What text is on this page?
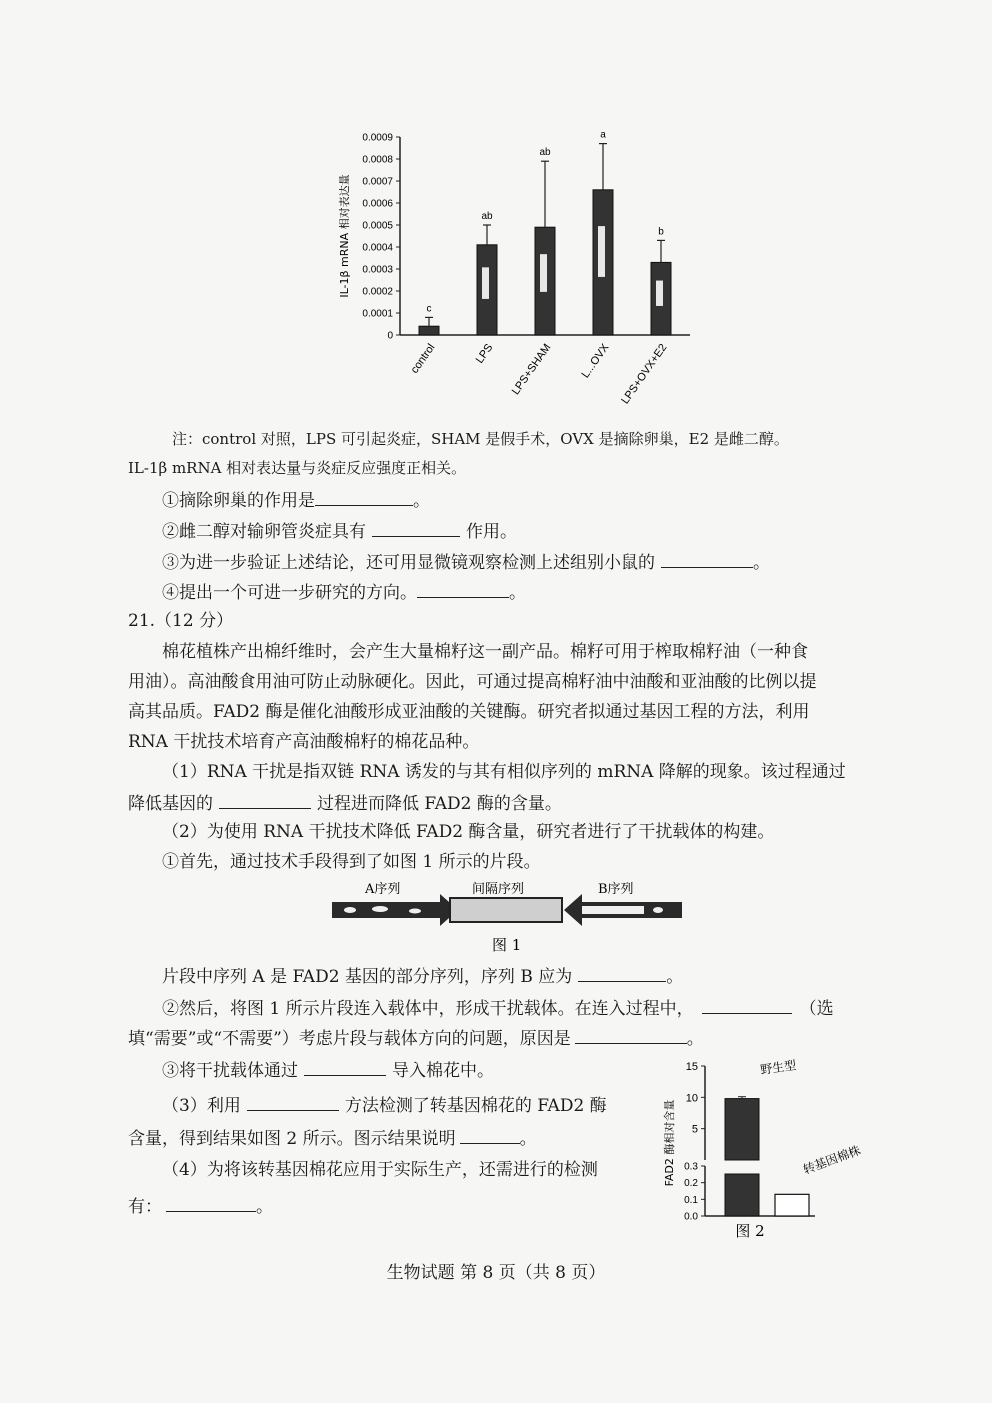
0
0.0001
0.0002
0.0003
0.0004
0.0005
0.0006
0.0007
0.0008
0.0009
IL-1β mRNA 相对表达量
c
control
ab
LPS
ab
LPS+SHAM
a
L...OVX
b
LPS+OVX+E2
注：control 对照，LPS 可引起炎症，SHAM 是假手术，OVX 是摘除卵巢，E2 是雌二醇。
IL-1β mRNA 相对表达量与炎症反应强度正相关。
①摘除卵巢的作用是	。
②雌二醇对输卵管炎症具有	作用。
③为进一步验证上述结论，还可用显微镜观察检测上述组别小鼠的	。
④提出一个可进一步研究的方向。	。
21.（12 分）
棉花植株产出棉纤维时，会产生大量棉籽这一副产品。棉籽可用于榨取棉籽油（一种食
用油）。高油酸食用油可防止动脉硬化。因此，可通过提高棉籽油中油酸和亚油酸的比例以提
高其品质。FAD2 酶是催化油酸形成亚油酸的关键酶。研究者拟通过基因工程的方法，利用
RNA 干扰技术培育产高油酸棉籽的棉花品种。
（1）RNA 干扰是指双链 RNA 诱发的与其有相似序列的 mRNA 降解的现象。该过程通过
降低基因的	过程进而降低 FAD2 酶的含量。
（2）为使用 RNA 干扰技术降低 FAD2 酶含量，研究者进行了干扰载体的构建。
①首先，通过技术手段得到了如图 1 所示的片段。
A序列	间隔序列	B序列
图 1
片段中序列 A 是 FAD2 基因的部分序列，序列 B 应为	。
②然后，将图 1 所示片段连入载体中，形成干扰载体。在连入过程中，	（选
填“需要”或“不需要”）考虑片段与载体方向的问题，原因是	。
③将干扰载体通过	导入棉花中。
（3）利用	方法检测了转基因棉花的 FAD2 酶
含量，得到结果如图 2 所示。图示结果说明	。
（4）为将该转基因棉花应用于实际生产，还需进行的检测
有：	。
5
10
15
0.0
0.1
0.2
0.3
FAD2 酶相对含量
野生型
转基因棉株
图 2
生物试题 第 8 页（共 8 页）
